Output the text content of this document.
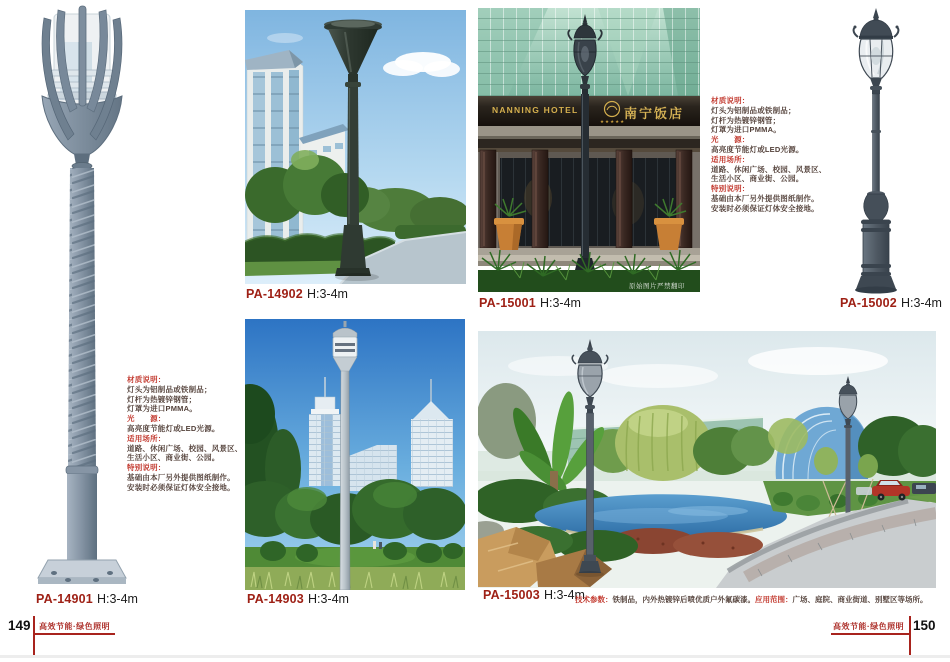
NANNING HOTEL
★★★★★
南宁饭店
原始图片严禁翻印
PA-14901 H:3-4m
PA-14902 H:3-4m
PA-14903 H:3-4m
PA-15001 H:3-4m	PA-15002 H:3-4m
PA-15003 H:3-4m
技术参数：铁制品，内外热镀锌后喷优质户外氟碳漆。应用范围：广场、庭院、商业街道、别墅区等场所。
材质说明：
灯头为铝制品或铁制品；
灯杆为热镀锌钢管；
灯罩为进口PMMA。
光　　源：
高亮度节能灯或LED光源。
适用场所：
道路、休闲广场、校园、风景区、
生活小区、商业街、公园。
特别说明：
基础由本厂另外提供图纸制作。
安装时必须保证灯体安全接地。
材质说明：
灯头为铝制品或铁制品；
灯杆为热镀锌钢管；
灯罩为进口PMMA。
光　　源：
高亮度节能灯或LED光源。
适用场所：
道路、休闲广场、校园、风景区、
生活小区、商业街、公园。
特别说明：
基础由本厂另外提供图纸制作。
安装时必须保证灯体安全接地。
149 高效节能·绿色照明	高效节能·绿色照明 150
